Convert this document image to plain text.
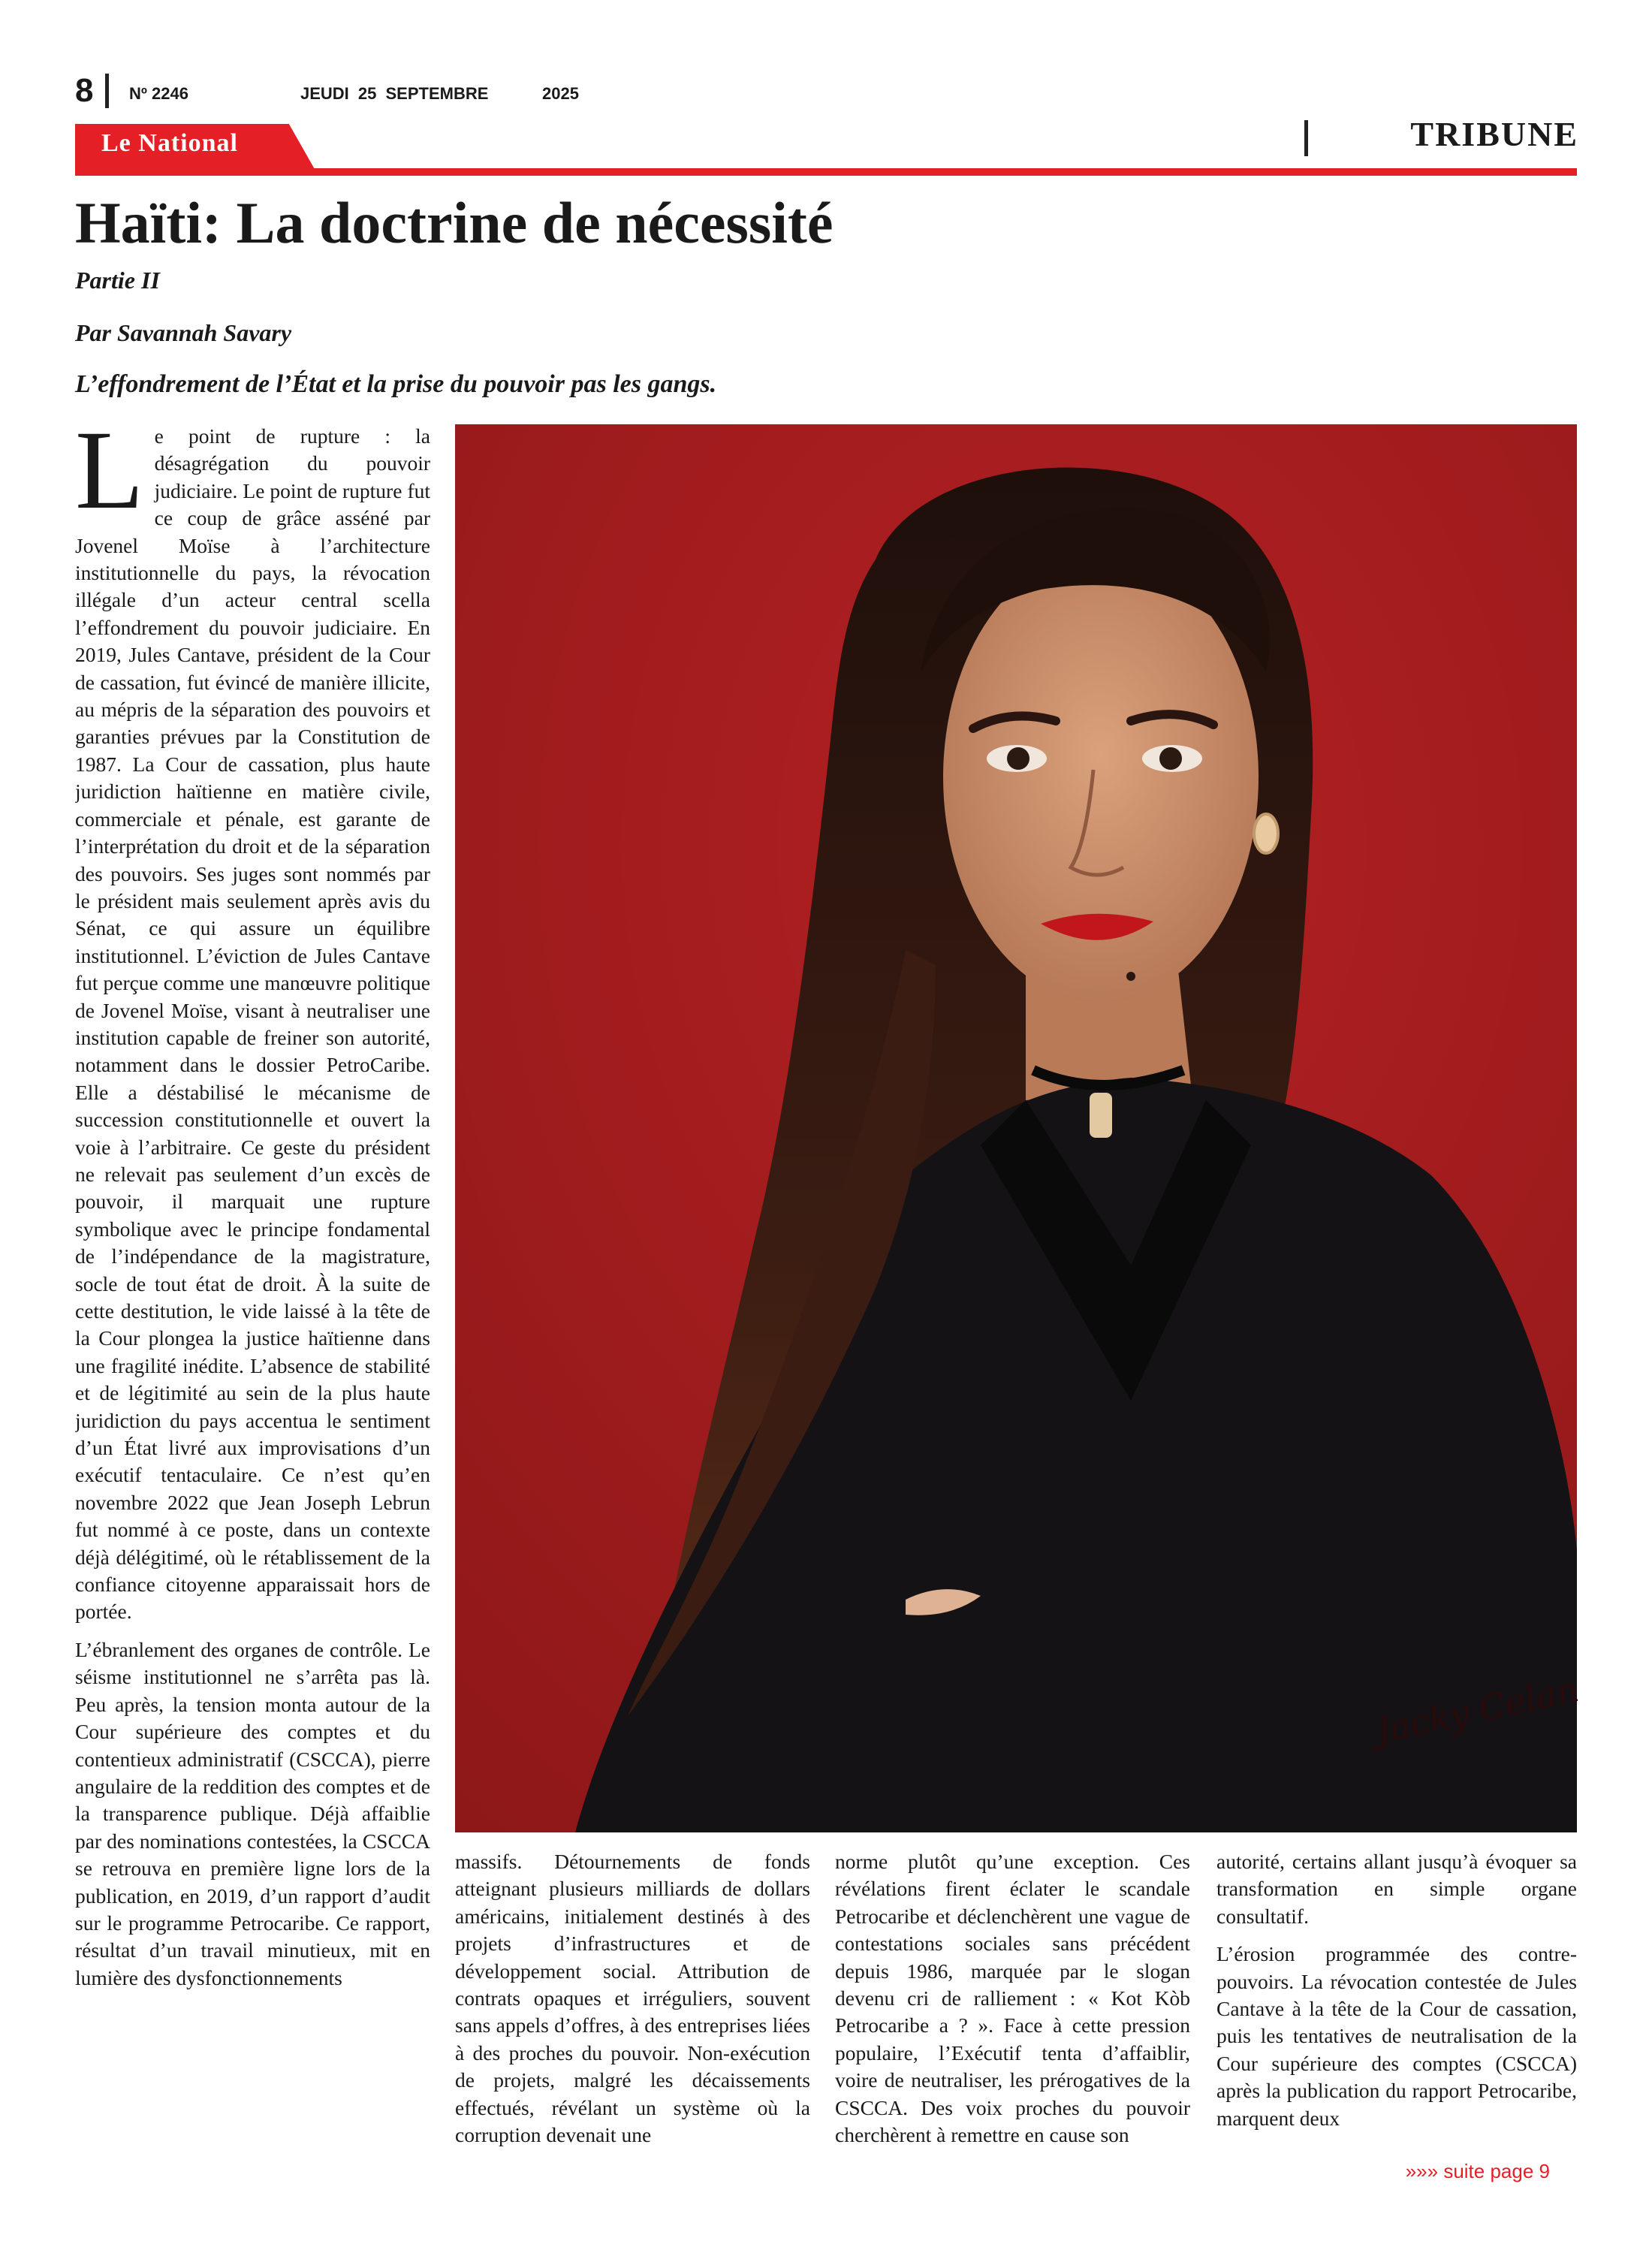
8 Nº 2246	JEUDI 25 SEPTEMBRE	2025
Le National	TRIBUNE
Haïti: La doctrine de nécessité
Partie II
Par Savannah Savary
L’effondrement de l’État et la prise du pouvoir pas les gangs.

Le point de rupture : la désagrégation du pouvoir judiciaire. Le point de rupture fut ce coup de grâce asséné par Jovenel Moïse à l’architecture institutionnelle du pays, la révocation illégale d’un acteur central scella l’effondrement du pouvoir judiciaire. En 2019, Jules Cantave, président de la Cour de cassation, fut évincé de manière illicite, au mépris de la séparation des pouvoirs et garanties prévues par la Constitution de 1987. La Cour de cassation, plus haute juridiction haïtienne en matière civile, commerciale et pénale, est garante de l’interprétation du droit et de la séparation des pouvoirs. Ses juges sont nommés par le président mais seulement après avis du Sénat, ce qui assure un équilibre institutionnel. L’éviction de Jules Cantave fut perçue comme une manœuvre politique de Jovenel Moïse, visant à neutraliser une institution capable de freiner son autorité, notamment dans le dossier PetroCaribe. Elle a déstabilisé le mécanisme de succession constitutionnelle et ouvert la voie à l’arbitraire. Ce geste du président ne relevait pas seulement d’un excès de pouvoir, il marquait une rupture symbolique avec le principe fondamental de l’indépendance de la magistrature, socle de tout état de droit. À la suite de cette destitution, le vide laissé à la tête de la Cour plongea la justice haïtienne dans une fragilité inédite. L’absence de stabilité et de légitimité au sein de la plus haute juridiction du pays accentua le sentiment d’un État livré aux improvisations d’un exécutif tentaculaire. Ce n’est qu’en novembre 2022 que Jean Joseph Lebrun fut nommé à ce poste, dans un contexte déjà délégitimé, où le rétablissement de la confiance citoyenne apparaissait hors de portée.

L’ébranlement des organes de contrôle. Le séisme institutionnel ne s’arrêta pas là. Peu après, la tension monta autour de la Cour supérieure des comptes et du contentieux administratif (CSCCA), pierre angulaire de la reddition des comptes et de la transparence publique. Déjà affaiblie par des nominations contestées, la CSCCA se retrouva en première ligne lors de la publication, en 2019, d’un rapport d’audit sur le programme Petrocaribe. Ce rapport, résultat d’un travail minutieux, mit en lumière des dysfonctionnements

Jacky Celan

massifs. Détournements de fonds atteignant plusieurs milliards de dollars américains, initialement destinés à des projets d’infrastructures et de développement social. Attribution de contrats opaques et irréguliers, souvent sans appels d’offres, à des entreprises liées à des proches du pouvoir. Non-exécution de projets, malgré les décaissements effectués, révélant un système où la corruption devenait une

norme plutôt qu’une exception. Ces révélations firent éclater le scandale Petrocaribe et déclenchèrent une vague de contestations sociales sans précédent depuis 1986, marquée par le slogan devenu cri de ralliement : « Kot Kòb Petrocaribe a ? ». Face à cette pression populaire, l’Exécutif tenta d’affaiblir, voire de neutraliser, les prérogatives de la CSCCA. Des voix proches du pouvoir cherchèrent à remettre en cause son

autorité, certains allant jusqu’à évoquer sa transformation en simple organe consultatif.

L’érosion programmée des contre-pouvoirs. La révocation contestée de Jules Cantave à la tête de la Cour de cassation, puis les tentatives de neutralisation de la Cour supérieure des comptes (CSCCA) après la publication du rapport Petrocaribe, marquent deux

»»» suite page 9
